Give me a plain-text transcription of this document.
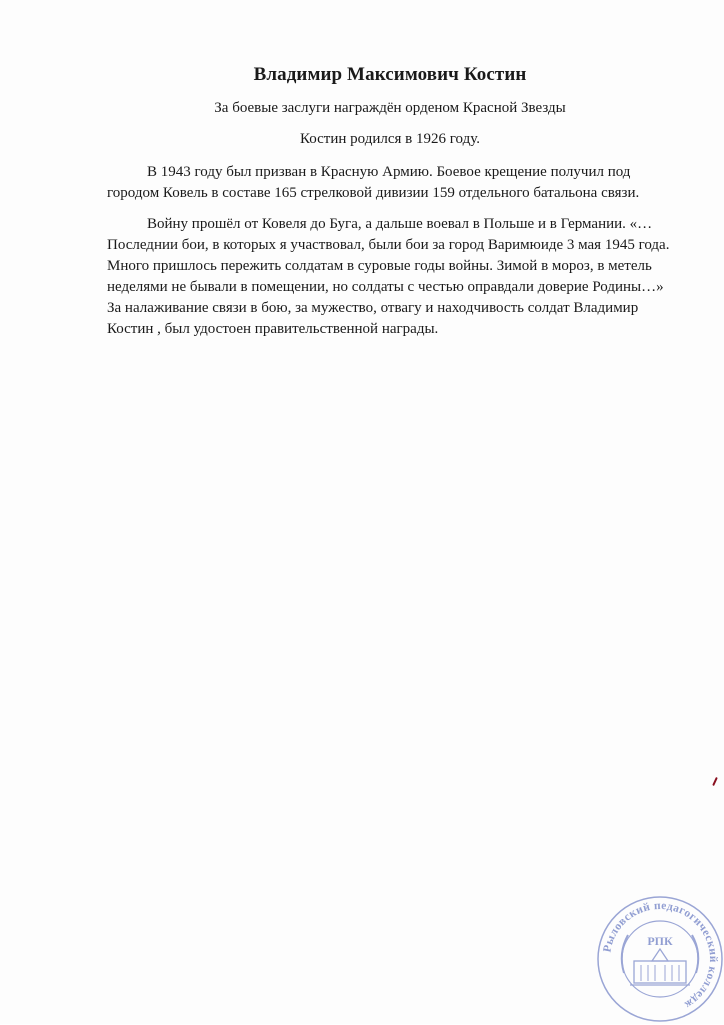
Владимир Максимович Костин
За боевые заслуги награждён орденом Красной Звезды
Костин родился в 1926 году.

В 1943 году был призван в Красную Армию. Боевое крещение получил под городом Ковель в составе 165 стрелковой дивизии 159 отдельного батальона связи.

Войну прошёл от Ковеля до Буга, а дальше воевал в Польше и в Германии. «…Последнии бои, в которых я участвовал, были бои за город Варимюиде 3 мая 1945 года. Много пришлось пережить солдатам в суровые годы войны. Зимой в мороз, в метель неделями не бывали в помещении, но солдаты с честью оправдали доверие Родины…» За налаживание связи в бою, за мужество, отвагу и находчивость солдат Владимир Костин , был удостоен правительственной награды.

Рыловский педагогический колледж
РПК
